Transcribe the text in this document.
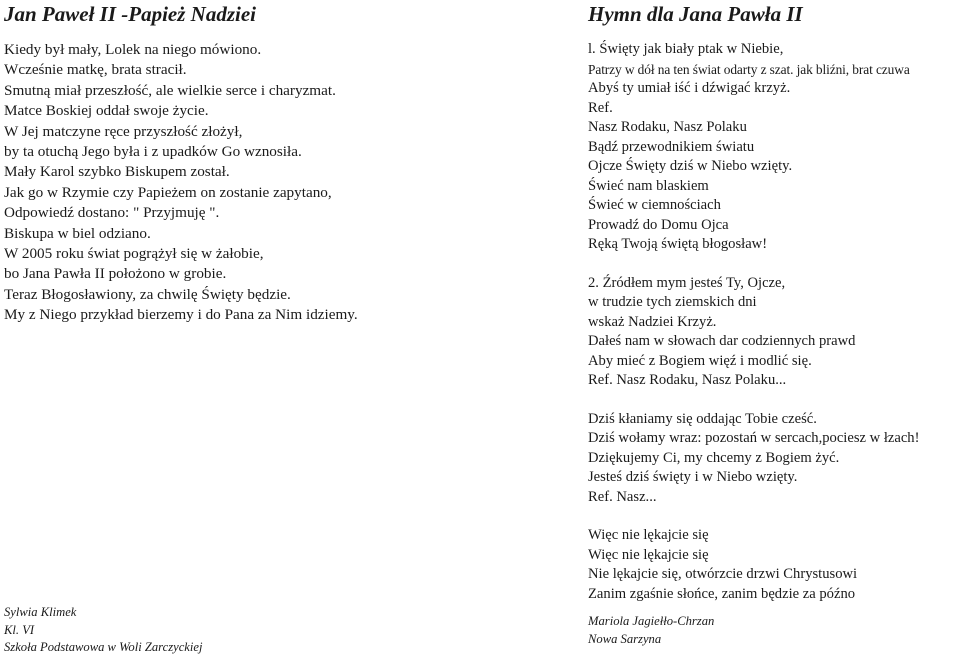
Jan Paweł II -Papież Nadziei
Kiedy był mały, Lolek na niego mówiono.
Wcześnie matkę, brata stracił.
Smutną miał przeszłość, ale wielkie serce i charyzmat.
Matce Boskiej oddał swoje życie.
W Jej matczyne ręce przyszłość złożył,
by ta otuchą Jego była i z upadków Go wznosiła.
Mały Karol szybko Biskupem został.
Jak go w Rzymie czy Papieżem on zostanie zapytano,
Odpowiedź dostano: " Przyjmuję ".
Biskupa w biel odziano.
W 2005 roku świat pogrążył się w żałobie,
bo Jana Pawła II położono w grobie.
Teraz Błogosławiony, za chwilę Święty będzie.
My z Niego przykład bierzemy i do Pana za Nim idziemy.
Hymn dla Jana Pawła II
l. Święty jak biały ptak w Niebie,
Patrzy w dół na ten świat odarty z szat. jak bliźni, brat czuwa
Abyś ty umiał iść i dźwigać krzyż.
Ref.
Nasz Rodaku, Nasz Polaku
Bądź przewodnikiem światu
Ojcze Święty dziś w Niebo wzięty.
Świeć nam blaskiem
Świeć w ciemnościach
Prowadź do Domu Ojca
Ręką Twoją świętą błogosław!
2. Źródłem mym jesteś Ty, Ojcze,
w trudzie tych ziemskich dni
wskaż Nadziei Krzyż.
Dałeś nam w słowach dar codziennych prawd
Aby mieć z Bogiem więź i modlić się.
Ref. Nasz Rodaku, Nasz Polaku...
Dziś kłaniamy się oddając Tobie cześć.
Dziś wołamy wraz: pozostań w sercach,pociesz w łzach!
Dziękujemy Ci, my chcemy z Bogiem żyć.
Jesteś dziś święty i w Niebo wzięty.
Ref. Nasz...
Więc nie lękajcie się
Więc nie lękajcie się
Nie lękajcie się, otwórzcie drzwi Chrystusowi
Zanim zgaśnie słońce, zanim będzie za późno
Sylwia Klimek
Kl. VI
Szkoła Podstawowa w Woli Zarczyckiej
Mariola Jagiełło-Chrzan
Nowa Sarzyna
